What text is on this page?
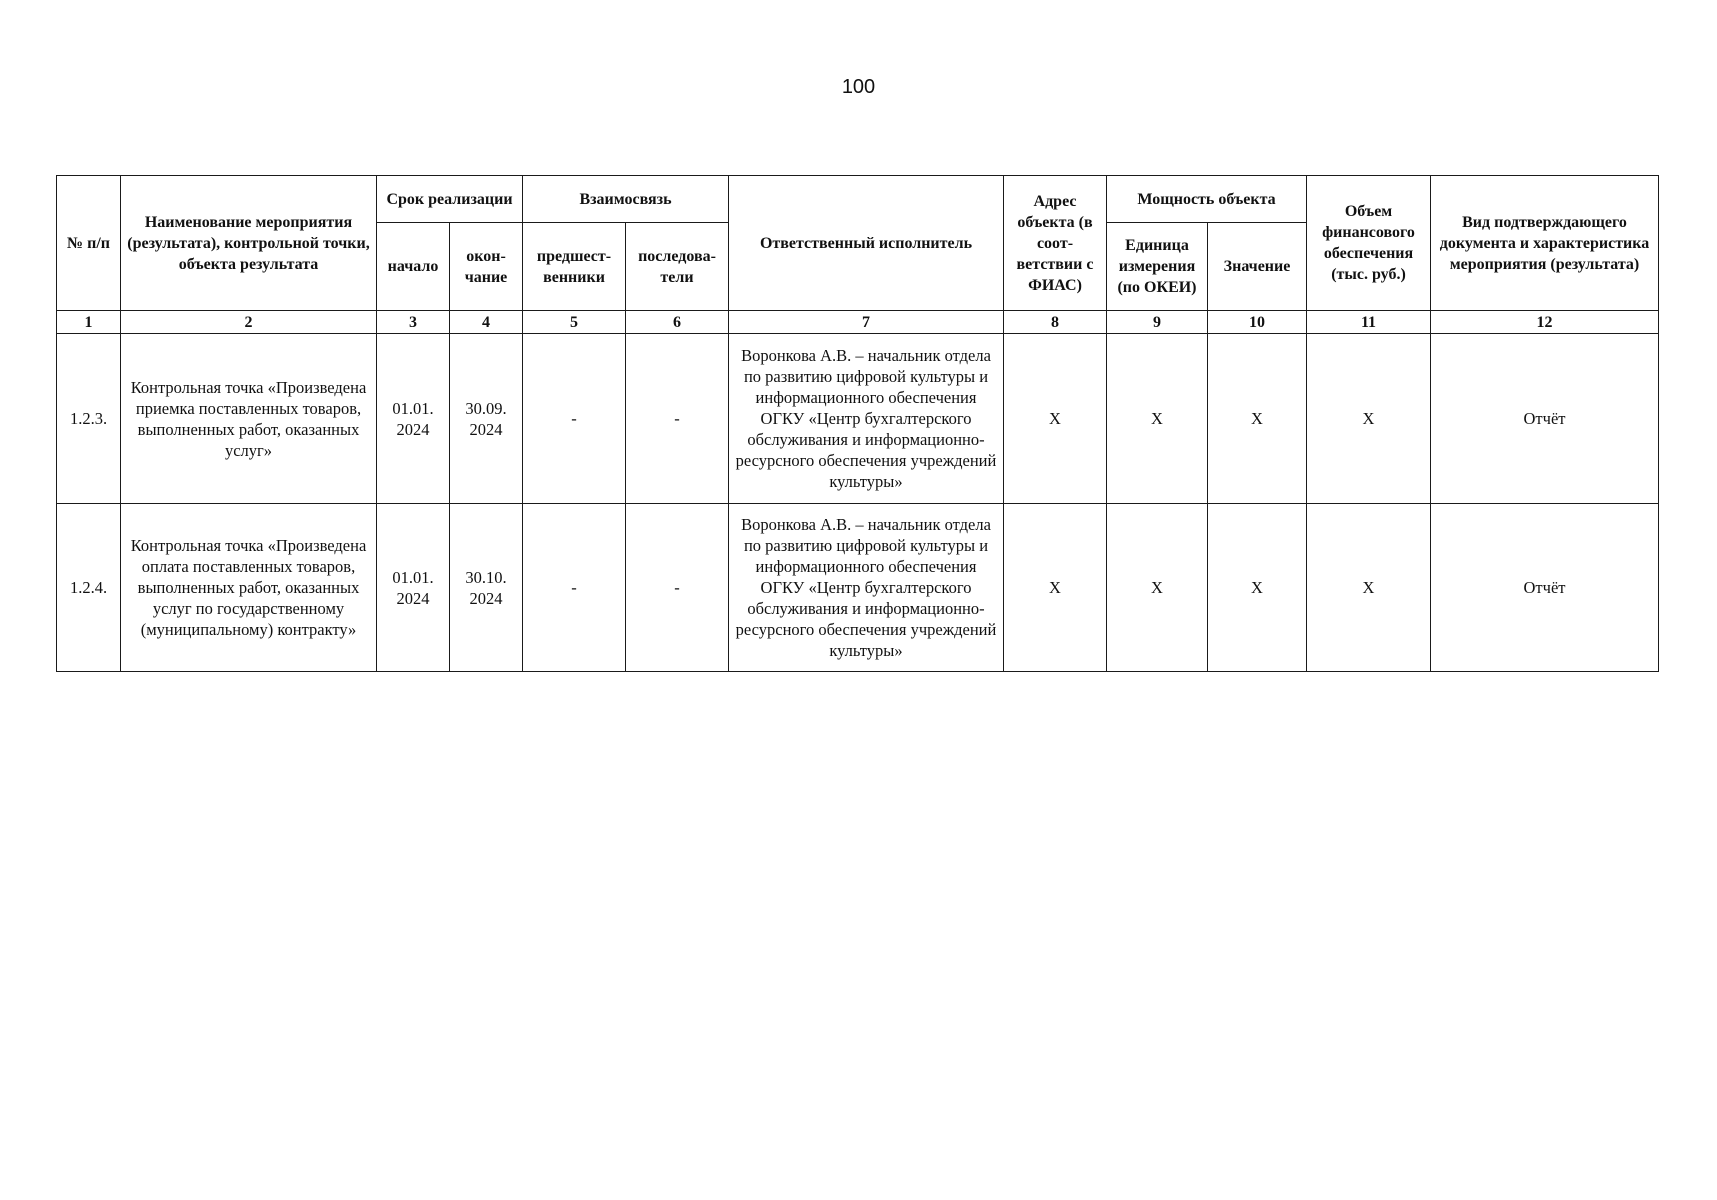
100
№ п/п	Наименование мероприятия (результата), контрольной точки, объекта результата	Срок реализации		Взаимосвязь		Ответственный исполнитель	Адрес объекта (в соот-ветствии с ФИАС)	Мощность объекта		Объем финансового обеспечения (тыс. руб.)	Вид подтверждающего документа и характеристика мероприятия (результата)
		начало	окон-чание	предшест-венники	последова-тели			Единица измерения (по ОКЕИ)	Значение		
1	2	3	4	5	6	7	8	9	10	11	12
1.2.3.	Контрольная точка «Произведена приемка поставленных товаров, выполненных работ, оказанных услуг»	01.01. 2024	30.09. 2024	-	-	Воронкова А.В. – начальник отдела по развитию цифровой культуры и информационного обеспечения ОГКУ «Центр бухгалтерского обслуживания и информационно-ресурсного обеспечения учреждений культуры»	X	X	X	X	Отчёт
1.2.4.	Контрольная точка «Произведена оплата поставленных товаров, выполненных работ, оказанных услуг по государственному (муниципальному) контракту»	01.01. 2024	30.10. 2024	-	-	Воронкова А.В. – начальник отдела по развитию цифровой культуры и информационного обеспечения ОГКУ «Центр бухгалтерского обслуживания и информационно-ресурсного обеспечения учреждений культуры»	X	X	X	X	Отчёт
